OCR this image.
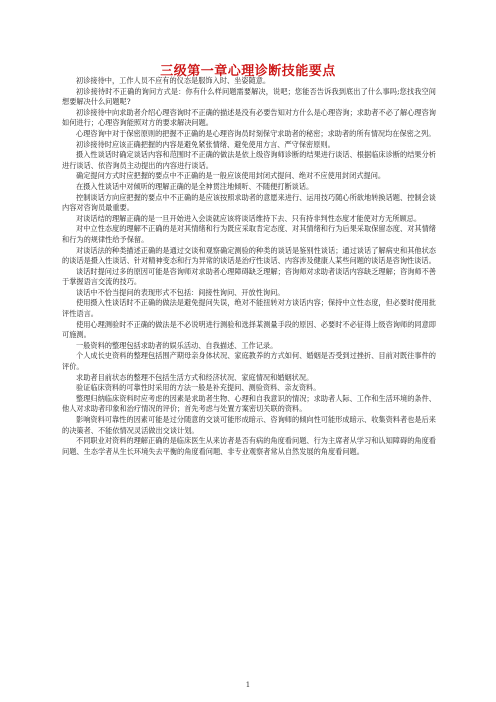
三级第一章心理诊断技能要点

初诊接待中，工作人员不应有的仪态是服饰入时、坐姿随意。

初诊接待时不正确的询问方式是：你有什么样问题需要解决，说吧；您能否告诉我到底出了什么事吗;您找我空间想要解决什么问题呢?

初诊接待中向求助者介绍心理咨询时不正确的描述是没有必要告知对方什么是心理咨询；求助者不必了解心理咨询如何进行；心理咨询能照对方的要求解决问题。

心理咨询中对于保密原则的把握不正确的是心理咨询员时刻保守求助者的秘密；求助者的所有情况均在保密之列。

初诊接待时应该正确把握的内容是避免紧张情绪、避免使用方言、严守保密原则。

摄入性谈话时确定谈话内容和范围时不正确的做法是依上级咨询师诊断的结果进行谈话、根据临床诊断的结果分析进行谈话、依咨询员主动提出的内容进行谈话。

确定提问方式时应把握的要点中不正确的是一般应该使用封闭式提问、绝对不应使用封闭式提问。

在摄入性谈话中对倾听的理解正确的是全神贯注地倾听、不随便打断谈话。

控制谈话方向应把握的要点中不正确的是应该按照求助者的意愿来进行、运用技巧随心所欲地转换话题、控制会谈内容对咨询员最重要。

对谈话结的理解正确的是一旦开始进入会谈就应该将谈话维持下去、只有持非判性态度才能使对方无所顾忌。

对中立性态度的理解不正确的是对其情绪和行为既应采取肯定态度、对其情绪和行为后果采取保留态度、对其情绪和行为的规律性给予保留。

对谈话法的种类描述正确的是通过交谈和观察确定测验的种类的谈话是鉴别性谈话；通过谈话了解病史和其他状态的谈话是摄入性谈话、针对精神变态和行为异常的谈话是治疗性谈话、内容涉及健康人某些问题的谈话是咨询性谈话。

谈话时提问过多的原因可能是咨询师对求助者心理障碍缺乏理解；咨询师对求助者谈话内容缺乏理解；咨询师不善于掌握语言交流的技巧。

谈话中不恰当提问的表现形式不包括：间接性询问、开放性询问。

使用摄入性谈话时不正确的做法是避免提问失误，绝对不能扭转对方谈话内容；保持中立性态度，但必要时使用批评性语言。

使用心理测验时不正确的做法是不必说明进行测验和选择某测量手段的原因、必要时不必征得上级咨询师的同意即可施测。

一般资料的整理包括求助者的娱乐活动、自我描述、工作记录。

个人成长史资料的整理包括围产期母亲身体状况、家庭教养的方式如何、婚姻是否受到过挫折、目前对既往事件的评价。

求助者目前状态的整理不包括生活方式和经济状况、家庭情况和婚姻状况。

验证临床资料的可靠性时采用的方法一般是补充提问、测验资料、亲友资料。

整理归纳临床资料时应考虑的因素是求助者生物、心理和自我意识的情况；求助者人际、工作和生活环境的条件、他人对求助者印象和治疗情况的评价；首先考虑与处置方案密切关联的资料。

影响资料可靠性的因素可能是过分随意的交谈可能形成暗示、咨询师的倾向性可能形成暗示、收集资料者也是后来的决策者、不能依情况灵活做出交谈计划。

不同职业对资料的理解正确的是临床医生从来访者是否有病的角度看问题、行为主席者从学习和认知障碍的角度看问题、生态学者从生长环境失去平衡的角度看问题、非专业观察者常从自然发展的角度看问题。

1
